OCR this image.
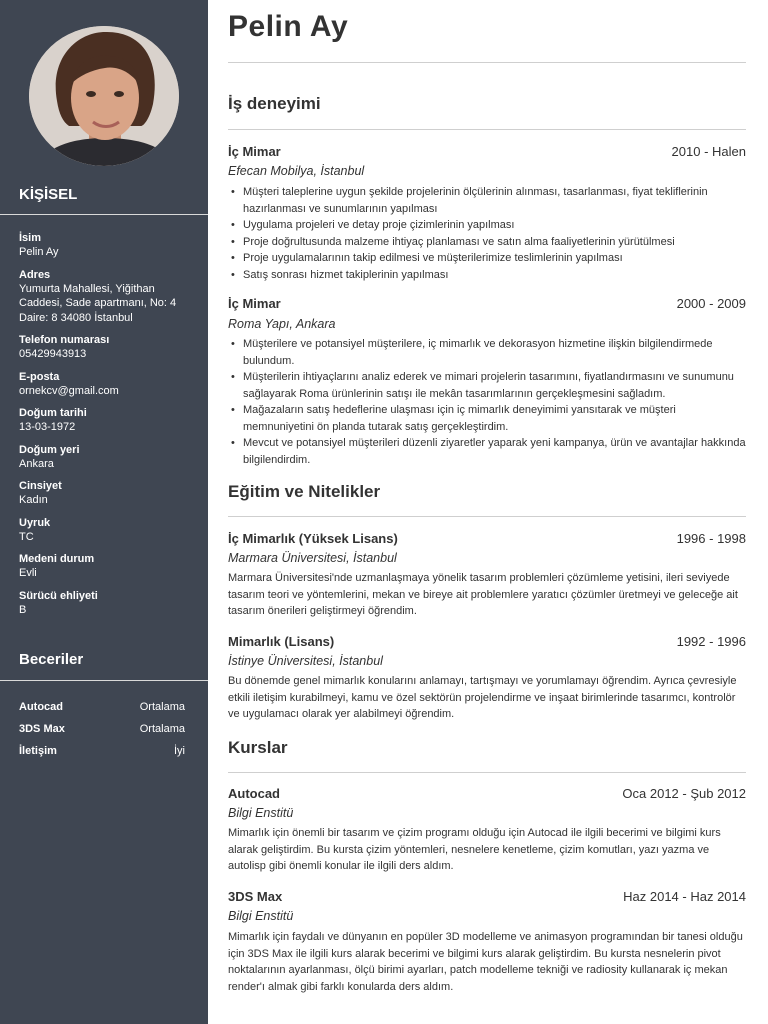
KİŞİSEL
İsim
Pelin Ay
Adres
Yumurta Mahallesi, Yiğithan Caddesi, Sade apartmanı, No: 4 Daire: 8 34080 İstanbul
Telefon numarası
05429943913
E-posta
ornekcv@gmail.com
Doğum tarihi
13-03-1972
Doğum yeri
Ankara
Cinsiyet
Kadın
Uyruk
TC
Medeni durum
Evli
Sürücü ehliyeti
B
Beceriler
Autocad	Ortalama
3DS Max	Ortalama
İletişim	İyi
Pelin Ay
İş deneyimi
İç Mimar	2010 - Halen
Efecan Mobilya, İstanbul
• Müşteri taleplerine uygun şekilde projelerinin ölçülerinin alınması, tasarlanması, fiyat tekliflerinin hazırlanması ve sunumlarının yapılması
• Uygulama projeleri ve detay proje çizimlerinin yapılması
• Proje doğrultusunda malzeme ihtiyaç planlaması ve satın alma faaliyetlerinin yürütülmesi
• Proje uygulamalarının takip edilmesi ve müşterilerimize teslimlerinin yapılması
• Satış sonrası hizmet takiplerinin yapılması
İç Mimar	2000 - 2009
Roma Yapı, Ankara
• Müşterilere ve potansiyel müşterilere, iç mimarlık ve dekorasyon hizmetine ilişkin bilgilendirmede bulundum.
• Müşterilerin ihtiyaçlarını analiz ederek ve mimari projelerin tasarımını, fiyatlandırmasını ve sunumunu sağlayarak Roma ürünlerinin satışı ile mekân tasarımlarının gerçekleşmesini sağladım.
• Mağazaların satış hedeflerine ulaşması için iç mimarlık deneyimimi yansıtarak ve müşteri memnuniyetini ön planda tutarak satış gerçekleştirdim.
• Mevcut ve potansiyel müşterileri düzenli ziyaretler yaparak yeni kampanya, ürün ve avantajlar hakkında bilgilendirdim.
Eğitim ve Nitelikler
İç Mimarlık (Yüksek Lisans)	1996 - 1998
Marmara Üniversitesi, İstanbul
Marmara Üniversitesi'nde uzmanlaşmaya yönelik tasarım problemleri çözümleme yetisini, ileri seviyede tasarım teori ve yöntemlerini, mekan ve bireye ait problemlere yaratıcı çözümler üretmeyi ve geleceğe ait tasarım önerileri geliştirmeyi öğrendim.
Mimarlık (Lisans)	1992 - 1996
İstinye Üniversitesi, İstanbul
Bu dönemde genel mimarlık konularını anlamayı, tartışmayı ve yorumlamayı öğrendim. Ayrıca çevresiyle etkili iletişim kurabilmeyi, kamu ve özel sektörün projelendirme ve inşaat birimlerinde tasarımcı, kontrolör ve uygulamacı olarak yer alabilmeyi öğrendim.
Kurslar
Autocad	Oca 2012 - Şub 2012
Bilgi Enstitü
Mimarlık için önemli bir tasarım ve çizim programı olduğu için Autocad ile ilgili becerimi ve bilgimi kurs alarak geliştirdim. Bu kursta çizim yöntemleri, nesnelere kenetleme, çizim komutları, yazı yazma ve autolisp gibi önemli konular ile ilgili ders aldım.
3DS Max	Haz 2014 - Haz 2014
Bilgi Enstitü
Mimarlık için faydalı ve dünyanın en popüler 3D modelleme ve animasyon programından bir tanesi olduğu için 3DS Max ile ilgili kurs alarak becerimi ve bilgimi kurs alarak geliştirdim. Bu kursta nesnelerin pivot noktalarının ayarlanması, ölçü birimi ayarları, patch modelleme tekniği ve radiosity kullanarak iç mekan render'ı almak gibi farklı konularda ders aldım.
